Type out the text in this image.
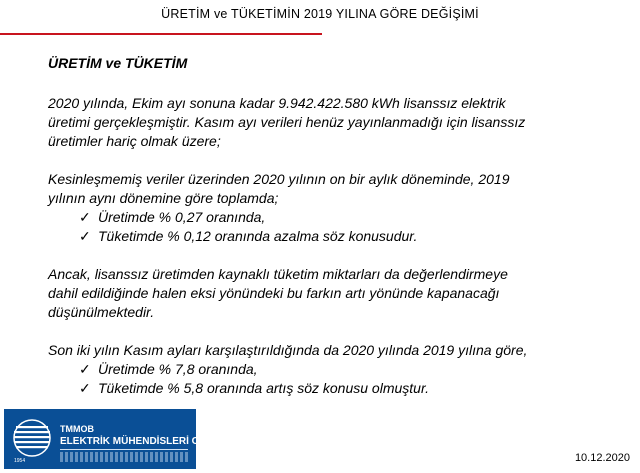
ÜRETİM ve TÜKETİMİN 2019 YILINA GÖRE DEĞİŞİMİ
ÜRETİM ve TÜKETİM
2020 yılında, Ekim ayı sonuna kadar 9.942.422.580 kWh lisanssız elektrik
üretimi gerçekleşmiştir. Kasım ayı verileri henüz yayınlanmadığı için lisanssız
üretimler hariç olmak üzere;
Kesinleşmemiş veriler üzerinden 2020 yılının on bir aylık döneminde, 2019
yılının aynı dönemine göre toplamda;
✓ Üretimde % 0,27 oranında,
✓ Tüketimde % 0,12 oranında azalma söz konusudur.
Ancak, lisanssız üretimden kaynaklı tüketim miktarları da değerlendirmeye
dahil edildiğinde halen eksi yönündeki bu farkın artı yönünde kapanacağı
düşünülmektedir.
Son iki yılın Kasım ayları karşılaştırıldığında da 2020 yılında 2019 yılına göre,
✓ Üretimde % 7,8 oranında,
✓ Tüketimde % 5,8 oranında artış söz konusu olmuştur.
TMMOB
ELEKTRİK MÜHENDİSLERİ ODASI
1954	10.12.2020
